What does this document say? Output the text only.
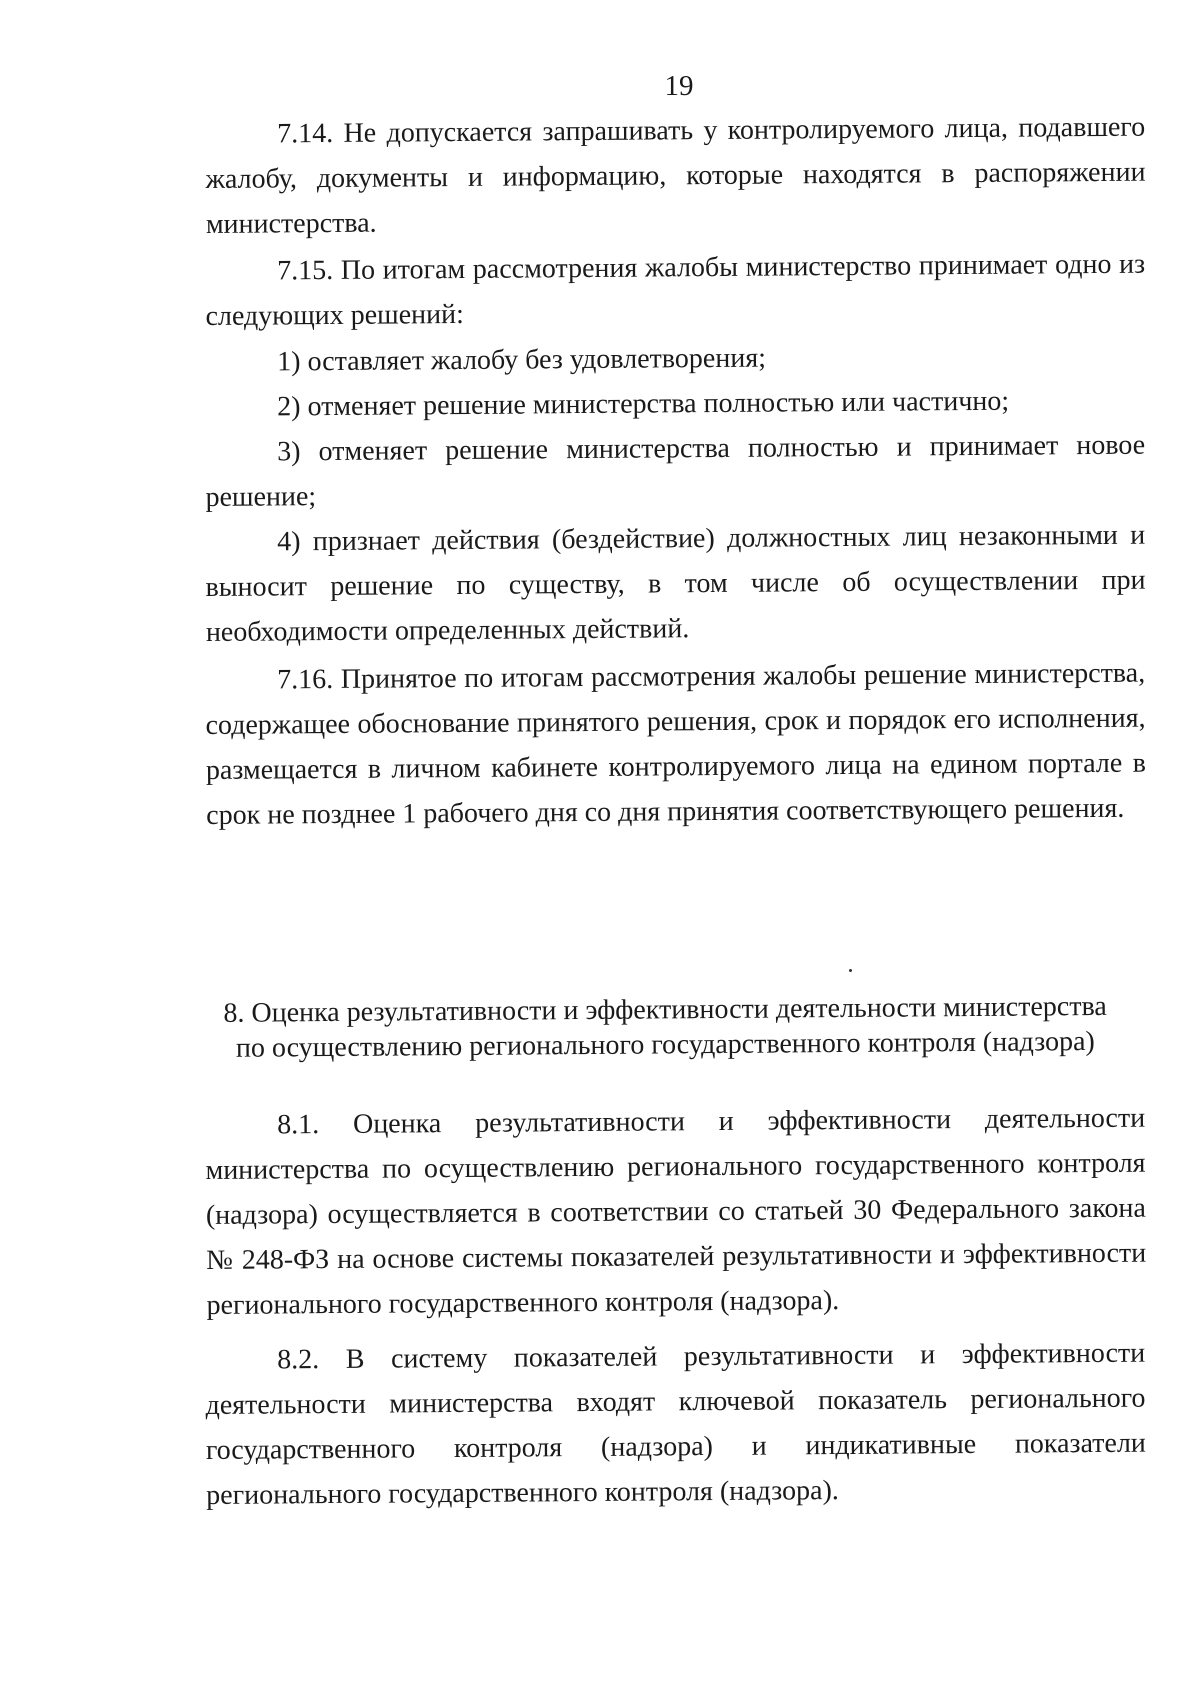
19

7.14. Не допускается запрашивать у контролируемого лица, подавшего жалобу, документы и информацию, которые находятся в распоряжении министерства.

7.15. По итогам рассмотрения жалобы министерство принимает одно из следующих решений:

1) оставляет жалобу без удовлетворения;

2) отменяет решение министерства полностью или частично;

3) отменяет решение министерства полностью и принимает новое решение;

4) признает действия (бездействие) должностных лиц незаконными и выносит решение по существу, в том числе об осуществлении при необходимости определенных действий.

7.16. Принятое по итогам рассмотрения жалобы решение министерства, содержащее обоснование принятого решения, срок и порядок его исполнения, размещается в личном кабинете контролируемого лица на едином портале в срок не позднее 1 рабочего дня со дня принятия соответствующего решения.

8. Оценка результативности и эффективности деятельности министерства
по осуществлению регионального государственного контроля (надзора)

8.1. Оценка результативности и эффективности деятельности министерства по осуществлению регионального государственного контроля (надзора) осуществляется в соответствии со статьей 30 Федерального закона № 248-ФЗ на основе системы показателей результативности и эффективности регионального государственного контроля (надзора).

8.2. В систему показателей результативности и эффективности деятельности министерства входят ключевой показатель регионального государственного контроля (надзора) и индикативные показатели регионального государственного контроля (надзора).
